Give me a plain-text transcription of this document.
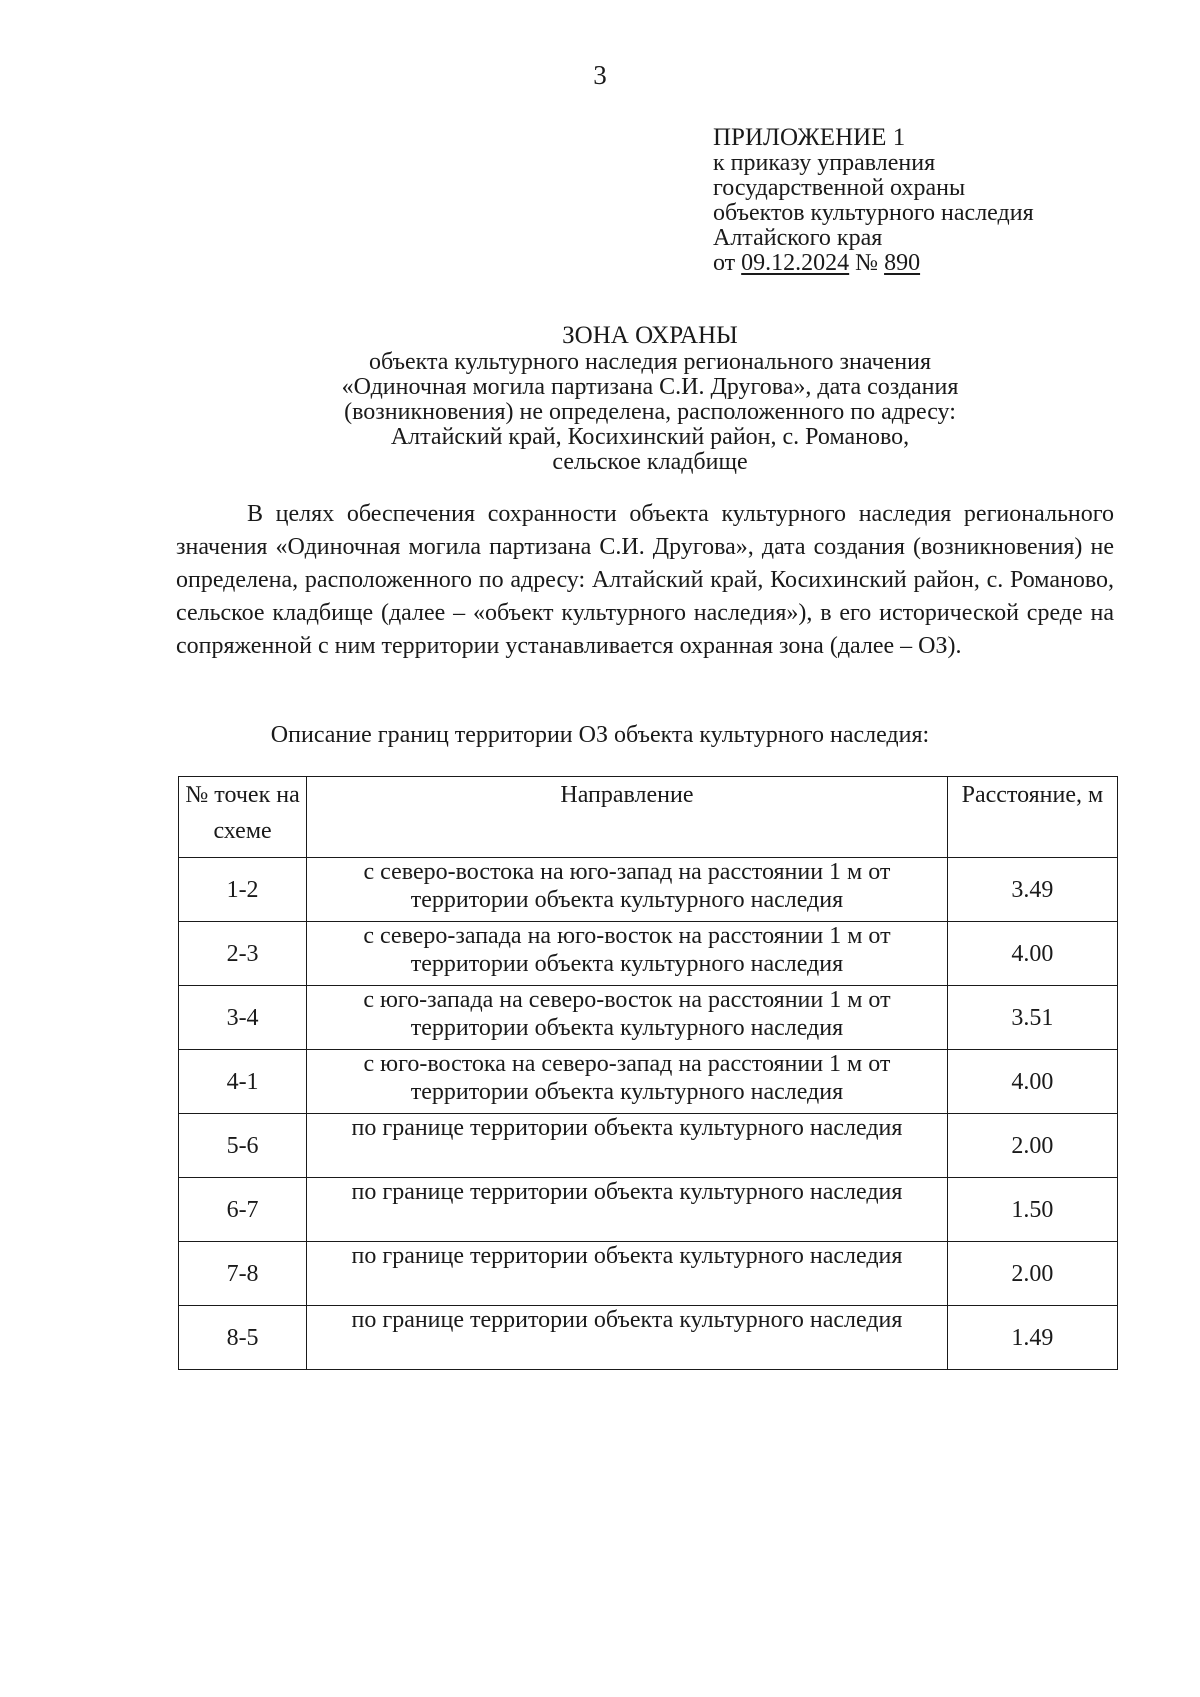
3
ПРИЛОЖЕНИЕ 1
к приказу управления
государственной охраны
объектов культурного наследия
Алтайского края
от 09.12.2024 № 890
ЗОНА ОХРАНЫ
объекта культурного наследия регионального значения
«Одиночная могила партизана С.И. Другова», дата создания
(возникновения) не определена, расположенного по адресу:
Алтайский край, Косихинский район, с. Романово,
сельское кладбище

В целях обеспечения сохранности объекта культурного наследия регионального значения «Одиночная могила партизана С.И. Другова», дата создания (возникновения) не определена, расположенного по адресу: Алтайский край, Косихинский район, с. Романово, сельское кладбище (далее – «объект культурного наследия»), в его исторической среде на сопряженной с ним территории устанавливается охранная зона (далее – ОЗ).

Описание границ территории ОЗ объекта культурного наследия:
№ точек на схеме	Направление	Расстояние, м
1-2	с северо-востока на юго-запад на расстоянии 1 м от территории объекта культурного наследия	3.49
2-3	с северо-запада на юго-восток на расстоянии 1 м от территории объекта культурного наследия	4.00
3-4	с юго-запада на северо-восток на расстоянии 1 м от территории объекта культурного наследия	3.51
4-1	с юго-востока на северо-запад на расстоянии 1 м от территории объекта культурного наследия	4.00
5-6	по границе территории объекта культурного наследия	2.00
6-7	по границе территории объекта культурного наследия	1.50
7-8	по границе территории объекта культурного наследия	2.00
8-5	по границе территории объекта культурного наследия	1.49
